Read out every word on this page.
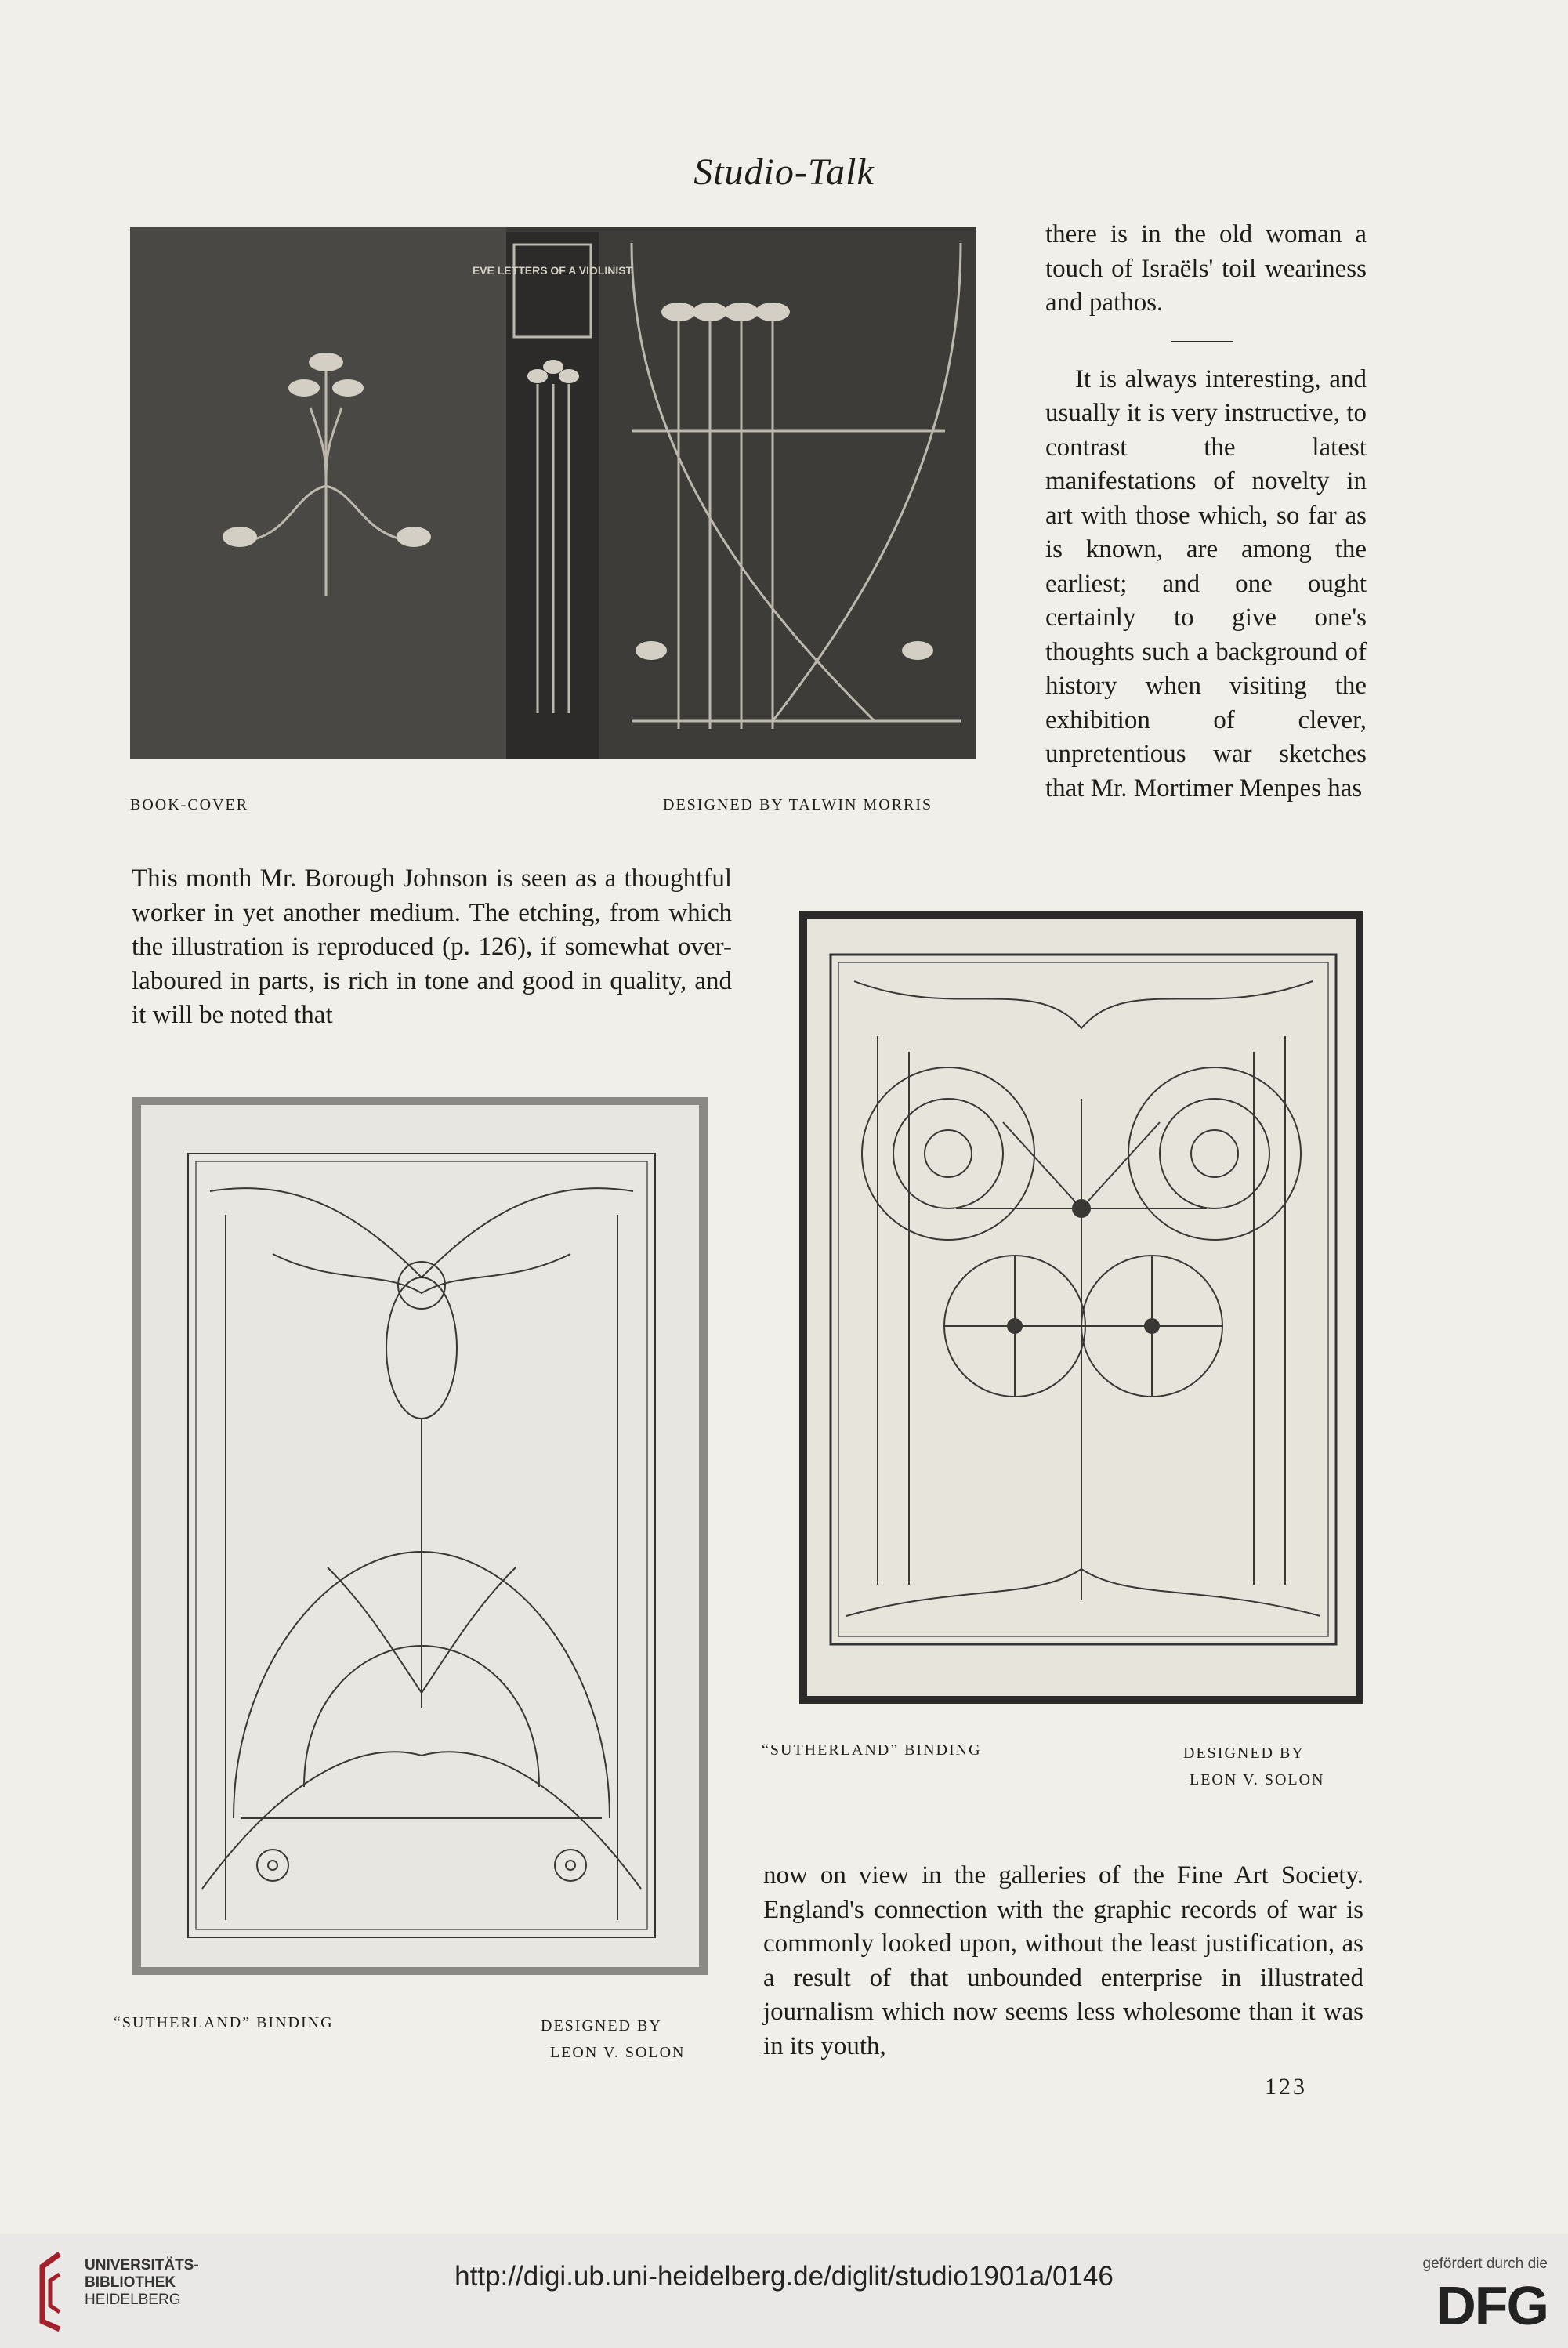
Studio-Talk
EVE LETTERS OF A VIOLINIST
BOOK-COVER	DESIGNED BY TALWIN MORRIS

there is in the old woman a touch of Israëls' toil weariness and pathos.

It is always interesting, and usually it is very instructive, to contrast the latest manifestations of novelty in art with those which, so far as is known, are among the earliest; and one ought certainly to give one's thoughts such a background of history when visiting the exhibition of clever, unpretentious war sketches that Mr. Mortimer Menpes has

This month Mr. Borough Johnson is seen as a thoughtful worker in yet another medium. The etching, from which the illustration is reproduced (p. 126), if somewhat over-laboured in parts, is rich in tone and good in quality, and it will be noted that

“SUTHERLAND” BINDING	DESIGNED BY
LEON V. SOLON
“SUTHERLAND” BINDING	DESIGNED BY
LEON V. SOLON

now on view in the galleries of the Fine Art Society. England's connection with the graphic records of war is commonly looked upon, without the least justification, as a result of that unbounded enterprise in illustrated journalism which now seems less wholesome than it was in its youth,

123
UNIVERSITÄTS-
BIBLIOTHEK
HEIDELBERG
http://digi.ub.uni-heidelberg.de/diglit/studio1901a/0146	gefördert durch die
DFG
